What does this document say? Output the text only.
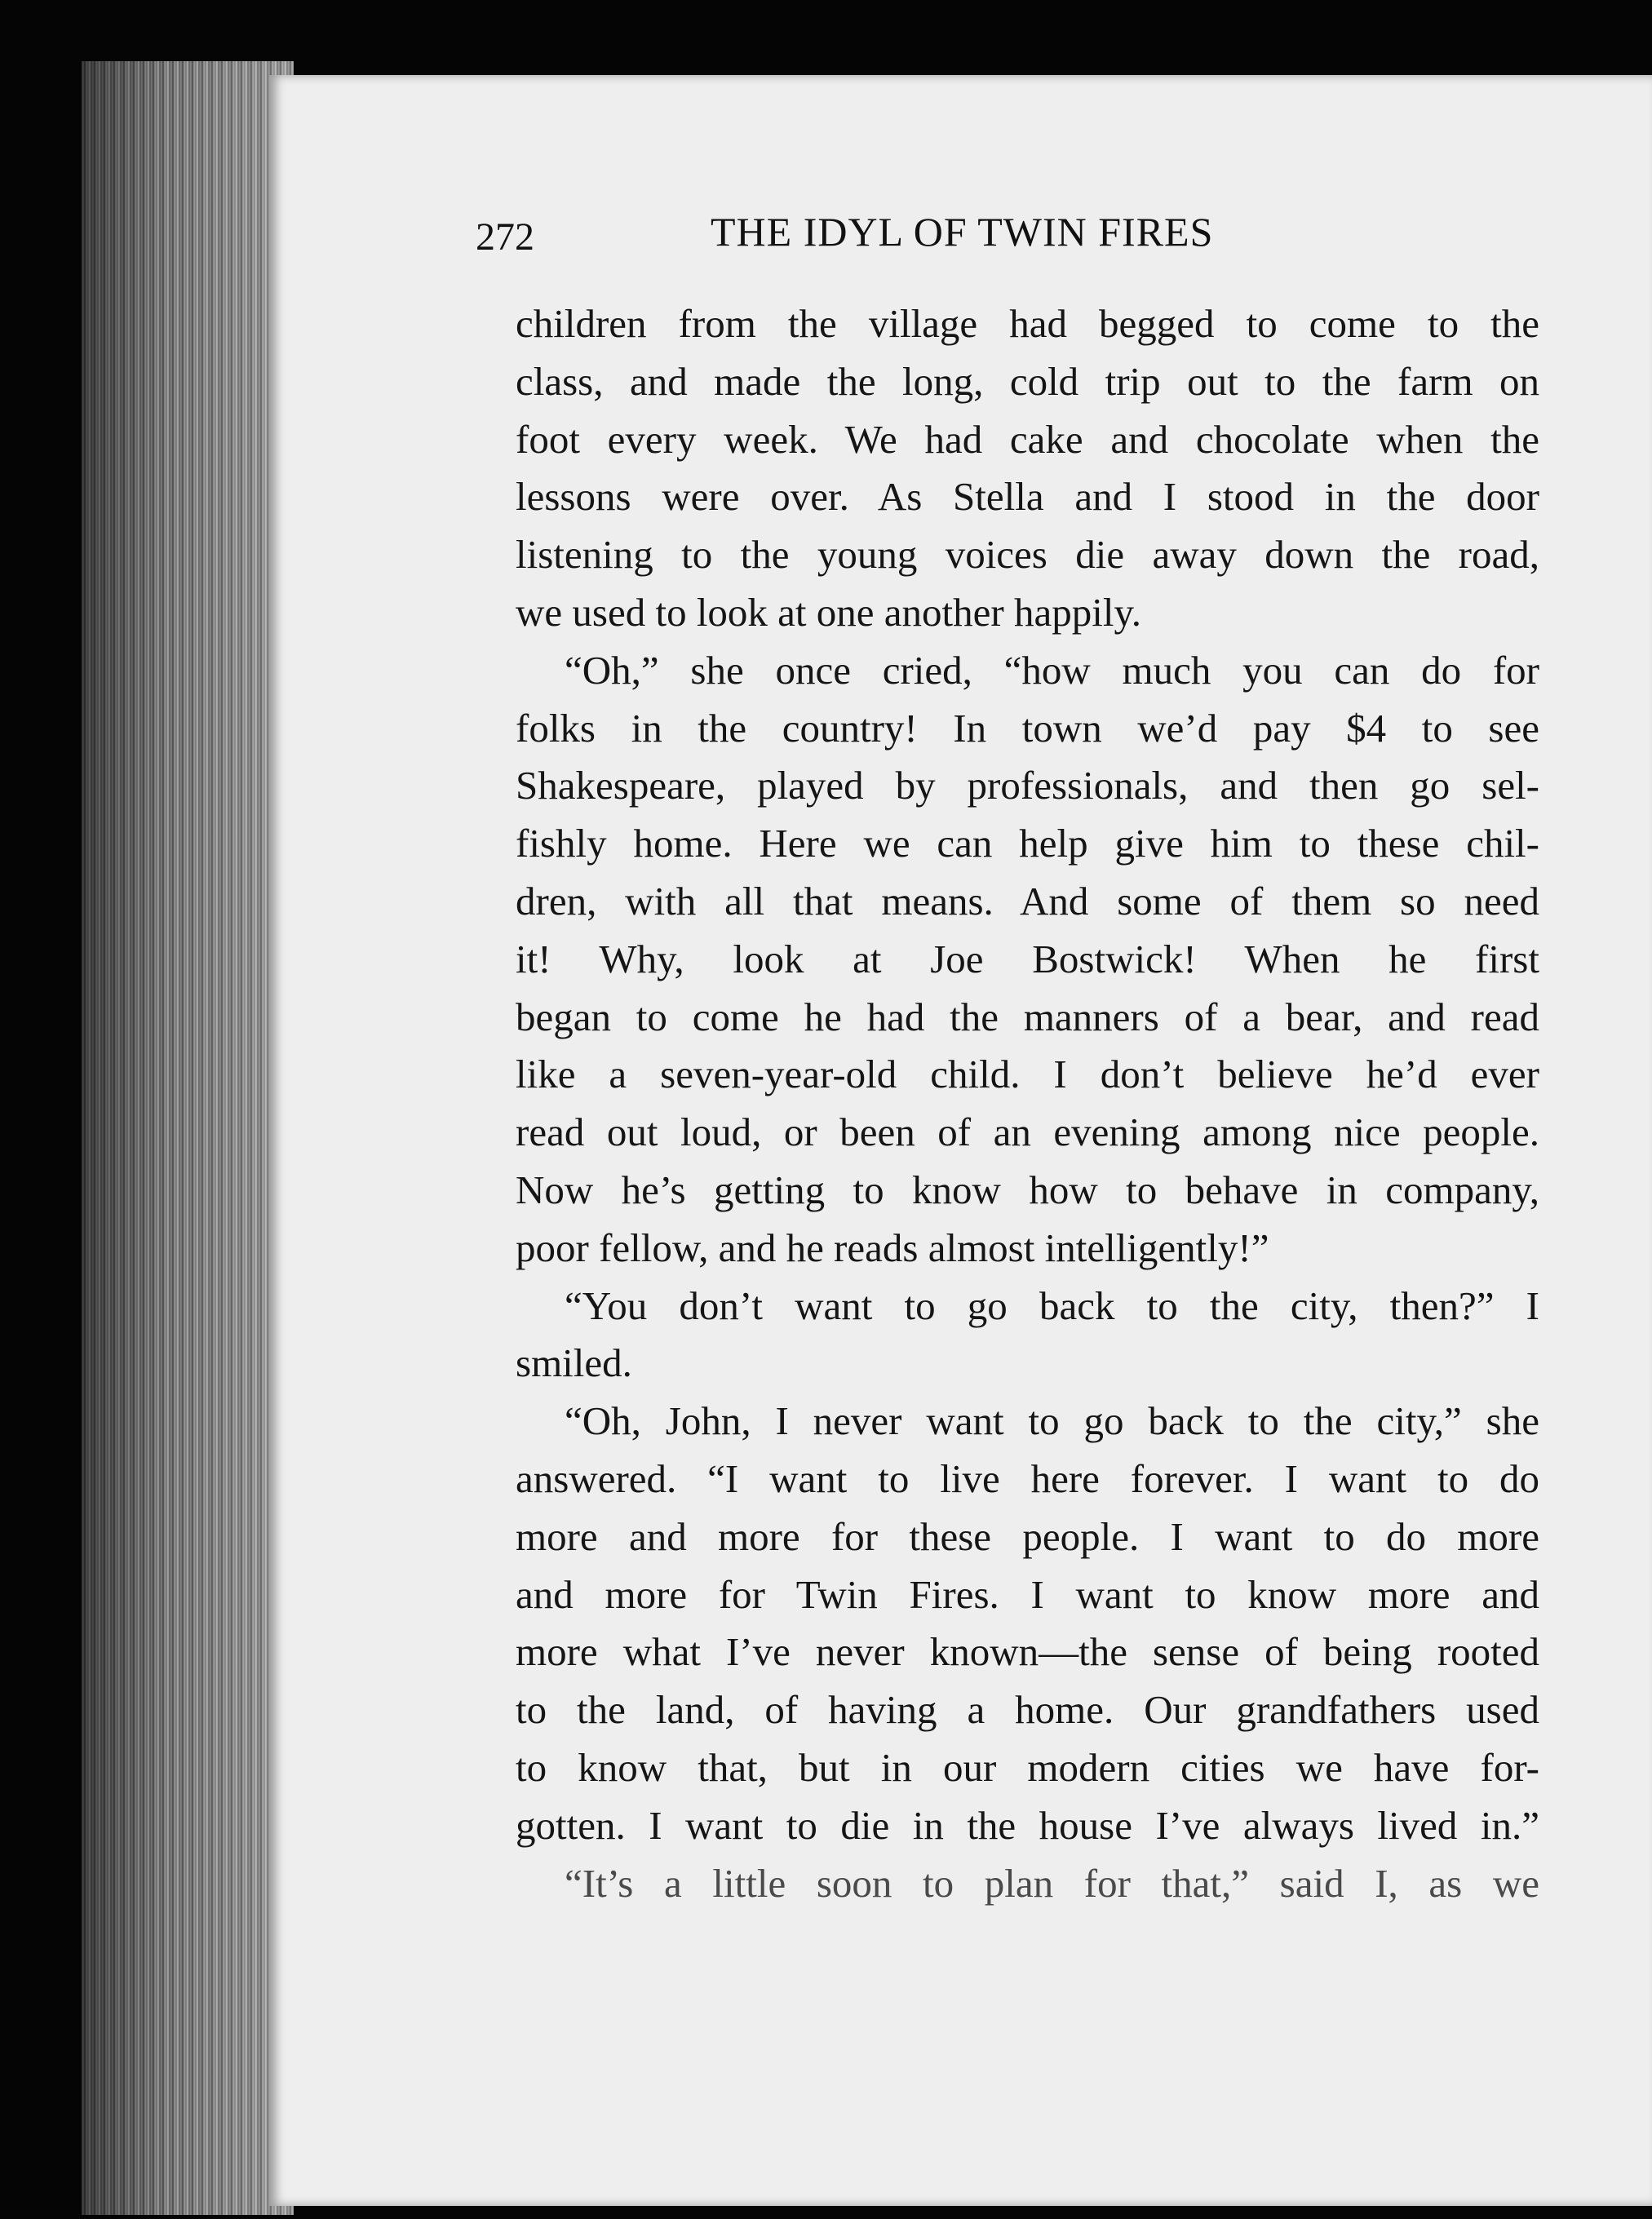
272	THE IDYL OF TWIN FIRES
children from the village had begged to come to the
class, and made the long, cold trip out to the farm on
foot every week. We had cake and chocolate when the
lessons were over. As Stella and I stood in the door
listening to the young voices die away down the road,
we used to look at one another happily.
“Oh,” she once cried, “how much you can do for
folks in the country! In town we’d pay $4 to see
Shakespeare, played by professionals, and then go sel-
fishly home. Here we can help give him to these chil-
dren, with all that means. And some of them so need
it! Why, look at Joe Bostwick! When he first
began to come he had the manners of a bear, and read
like a seven-year-old child. I don’t believe he’d ever
read out loud, or been of an evening among nice people.
Now he’s getting to know how to behave in company,
poor fellow, and he reads almost intelligently!”
“You don’t want to go back to the city, then?” I
smiled.
“Oh, John, I never want to go back to the city,” she
answered. “I want to live here forever. I want to do
more and more for these people. I want to do more
and more for Twin Fires. I want to know more and
more what I’ve never known—the sense of being rooted
to the land, of having a home. Our grandfathers used
to know that, but in our modern cities we have for-
gotten. I want to die in the house I’ve always lived in.”
“It’s a little soon to plan for that,” said I, as we
